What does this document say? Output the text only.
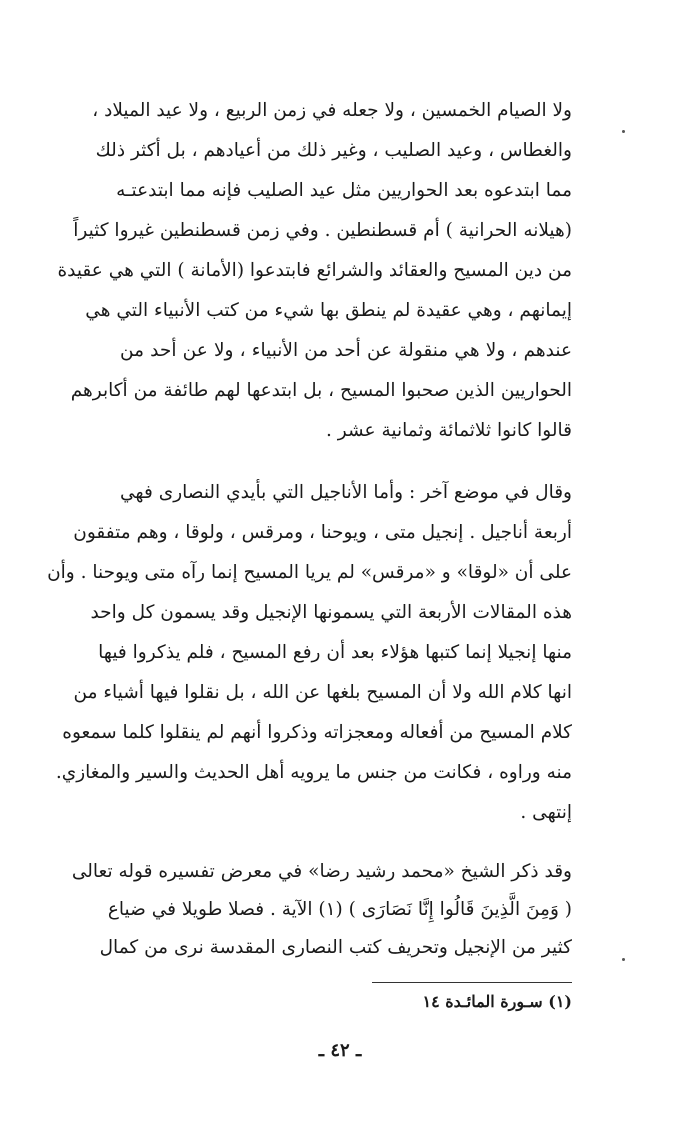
ولا الصيام الخمسين ، ولا جعله في زمن الربيع ، ولا عيد الميلاد ،
والغطاس ، وعيد الصليب ، وغير ذلك من أعيادهم ، بل أكثر ذلك
مما ابتدعوه بعد الحواريين مثل عيد الصليب فإنه مما ابتدعتـه
(هيلانه الحرانية ) أم قسطنطين . وفي زمن قسطنطين غيروا كثيراً
من دين المسيح والعقائد والشرائع فابتدعوا (الأمانة ) التي هي عقيدة
إيمانهم ، وهي عقيدة لم ينطق بها شيء من كتب الأنبياء التي هي
عندهم ، ولا هي منقولة عن أحد من الأنبياء ، ولا عن أحد من
الحواريين الذين صحبوا المسيح ، بل ابتدعها لهم طائفة من أكابرهم
قالوا كانوا ثلاثمائة وثمانية عشر .
وقال في موضع آخر : وأما الأناجيل التي بأيدي النصارى فهي
أربعة أناجيل . إنجيل متى ، ويوحنا ، ومرقس ، ولوقا ، وهم متفقون
على أن «لوقا» و «مرقس» لم يريا المسيح إنما رآه متى ويوحنا . وأن
هذه المقالات الأربعة التي يسمونها الإنجيل وقد يسمون كل واحد
منها إنجيلا إنما كتبها هؤلاء بعد أن رفع المسيح ، فلم يذكروا فيها
انها كلام الله ولا أن المسيح بلغها عن الله ، بل نقلوا فيها أشياء من
كلام المسيح من أفعاله ومعجزاته وذكروا أنهم لم ينقلوا كلما سمعوه
منه وراوه ، فكانت من جنس ما يرويه أهل الحديث والسير والمغازي.
إنتهى .
وقد ذكر الشيخ «محمد رشيد رضا» في معرض تفسيره قوله تعالى
( وَمِنَ الَّذِينَ قَالُوا إِنَّا نَصَارَى ) (١) الآية . فصلا طويلا في ضياع
كثير من الإنجيل وتحريف كتب النصارى المقدسة نرى من كمال
(١) سـورة المائـدة ١٤
ـ ٤٢ ـ
